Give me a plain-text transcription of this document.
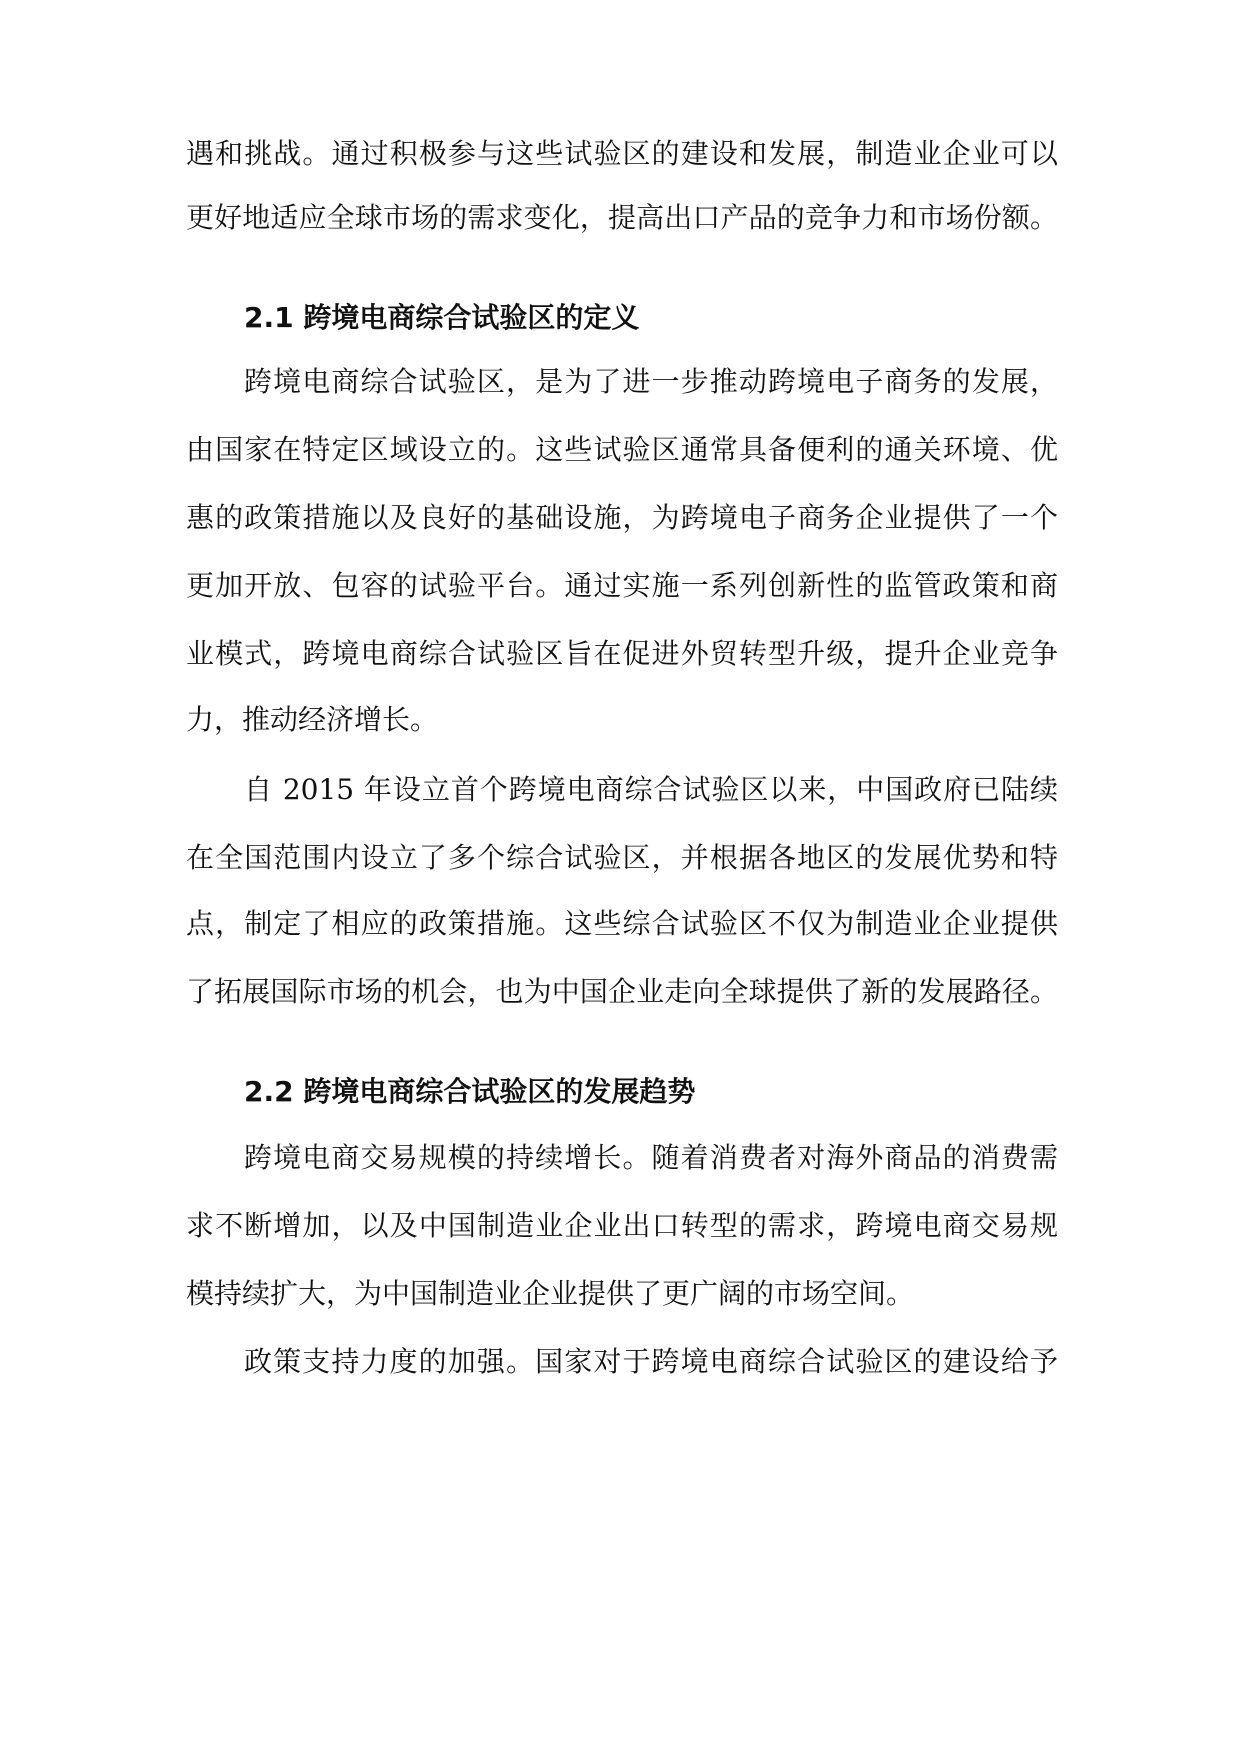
遇和挑战。通过积极参与这些试验区的建设和发展，制造业企业可以
更好地适应全球市场的需求变化，提高出口产品的竞争力和市场份额。
2.1 跨境电商综合试验区的定义
跨境电商综合试验区，是为了进一步推动跨境电子商务的发展，
由国家在特定区域设立的。这些试验区通常具备便利的通关环境、优
惠的政策措施以及良好的基础设施，为跨境电子商务企业提供了一个
更加开放、包容的试验平台。通过实施一系列创新性的监管政策和商
业模式，跨境电商综合试验区旨在促进外贸转型升级，提升企业竞争
力，推动经济增长。
自 2015 年设立首个跨境电商综合试验区以来，中国政府已陆续
在全国范围内设立了多个综合试验区，并根据各地区的发展优势和特
点，制定了相应的政策措施。这些综合试验区不仅为制造业企业提供
了拓展国际市场的机会，也为中国企业走向全球提供了新的发展路径。
2.2 跨境电商综合试验区的发展趋势
跨境电商交易规模的持续增长。随着消费者对海外商品的消费需
求不断增加，以及中国制造业企业出口转型的需求，跨境电商交易规
模持续扩大，为中国制造业企业提供了更广阔的市场空间。
政策支持力度的加强。国家对于跨境电商综合试验区的建设给予
